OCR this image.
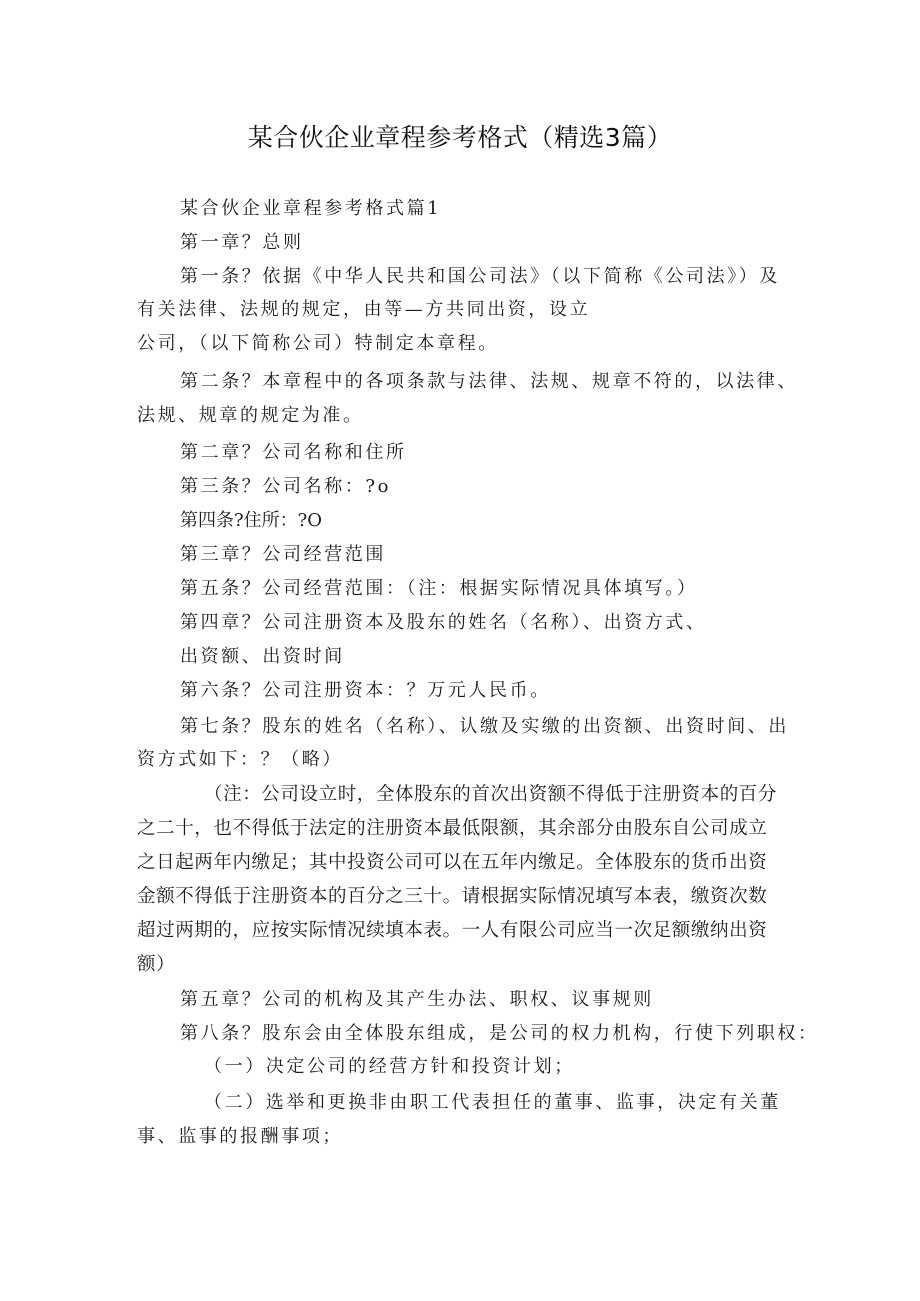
某合伙企业章程参考格式（精选3篇）
某合伙企业章程参考格式篇1
第一章？总则
第一条？依据《中华人民共和国公司法》（以下简称《公司法》）及
有关法律、法规的规定，由等—方共同出资，设立
公司，（以下简称公司）特制定本章程。
第二条？本章程中的各项条款与法律、法规、规章不符的，以法律、
法规、规章的规定为准。
第二章？公司名称和住所
第三条？公司名称：?o
第四条?住所：?O
第三章？公司经营范围
第五条？公司经营范围：（注：根据实际情况具体填写。）
第四章？公司注册资本及股东的姓名（名称）、出资方式、
出资额、出资时间
第六条？公司注册资本：？万元人民币。
第七条？股东的姓名（名称）、认缴及实缴的出资额、出资时间、出
资方式如下：？（略）
（注：公司设立时，全体股东的首次出资额不得低于注册资本的百分
之二十，也不得低于法定的注册资本最低限额，其余部分由股东自公司成立
之日起两年内缴足；其中投资公司可以在五年内缴足。全体股东的货币出资
金额不得低于注册资本的百分之三十。请根据实际情况填写本表，缴资次数
超过两期的，应按实际情况续填本表。一人有限公司应当一次足额缴纳出资
额）
第五章？公司的机构及其产生办法、职权、议事规则
第八条？股东会由全体股东组成，是公司的权力机构，行使下列职权：
（一）决定公司的经营方针和投资计划；
（二）选举和更换非由职工代表担任的董事、监事，决定有关董
事、监事的报酬事项；
